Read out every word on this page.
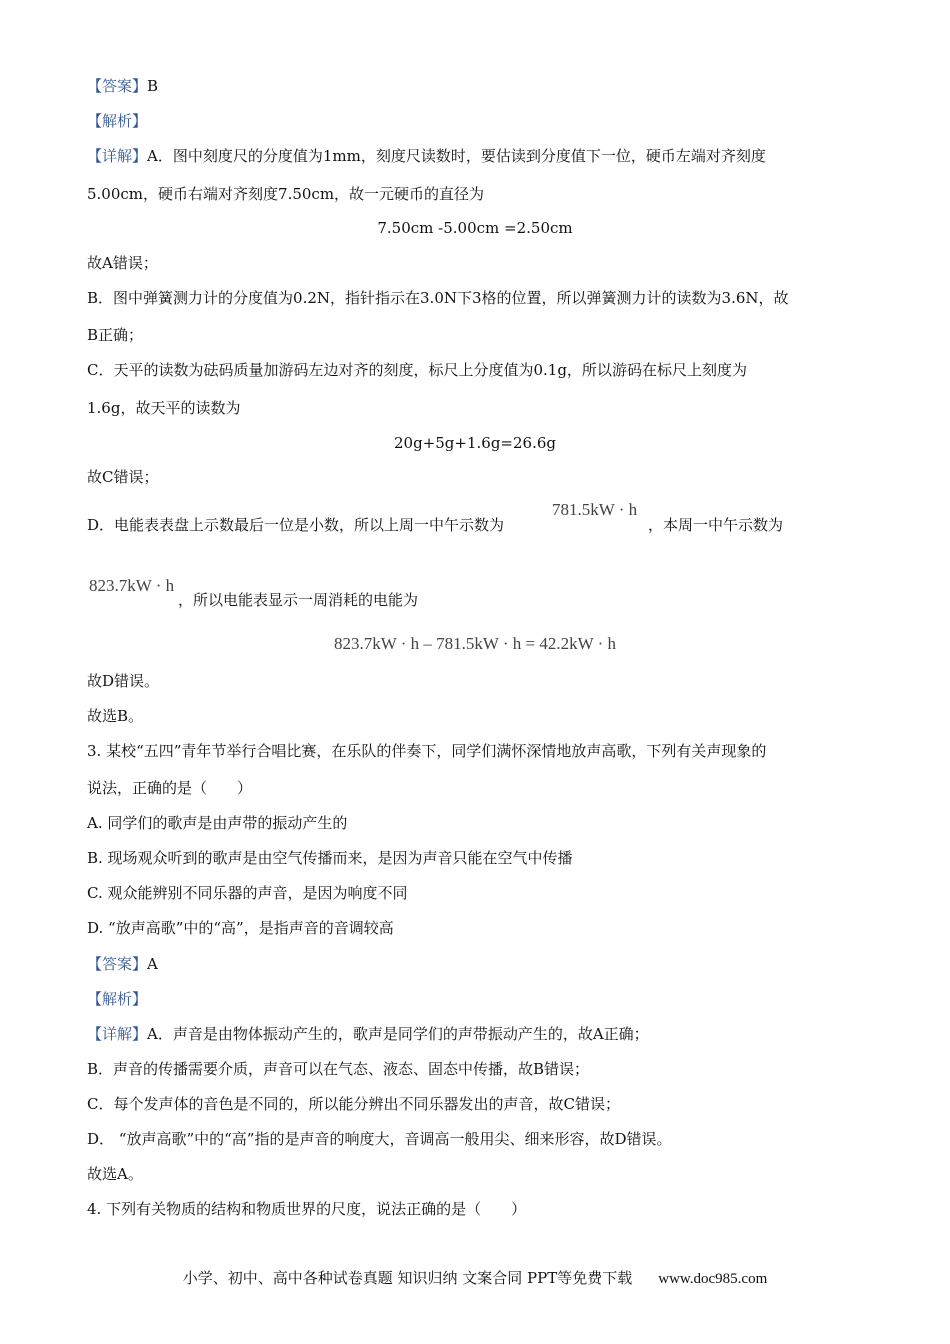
【答案】B
【解析】
【详解】A．图中刻度尺的分度值为1mm，刻度尺读数时，要估读到分度值下一位，硬币左端对齐刻度
5.00cm，硬币右端对齐刻度7.50cm，故一元硬币的直径为
7.50cm -5.00cm =2.50cm
故A错误；
B．图中弹簧测力计的分度值为0.2N，指针指示在3.0N下3格的位置，所以弹簧测力计的读数为3.6N，故
B正确；
C．天平的读数为砝码质量加游码左边对齐的刻度，标尺上分度值为0.1g，所以游码在标尺上刻度为
1.6g，故天平的读数为
20g+5g+1.6g=26.6g
故C错误；
D．电能表表盘上示数最后一位是小数，所以上周一中午示数为
781.5kW · h
，本周一中午示数为
823.7kW · h
，所以电能表显示一周消耗的电能为
823.7kW · h – 781.5kW · h = 42.2kW · h
故D错误。
故选B。
3. 某校“五四”青年节举行合唱比赛，在乐队的伴奏下，同学们满怀深情地放声高歌，下列有关声现象的
说法，正确的是（　　）
A. 同学们的歌声是由声带的振动产生的
B. 现场观众听到的歌声是由空气传播而来，是因为声音只能在空气中传播
C. 观众能辨别不同乐器的声音，是因为响度不同
D. “放声高歌”中的“高”，是指声音的音调较高
【答案】A
【解析】
【详解】A．声音是由物体振动产生的，歌声是同学们的声带振动产生的，故A正确；
B．声音的传播需要介质，声音可以在气态、液态、固态中传播，故B错误；
C．每个发声体的音色是不同的，所以能分辨出不同乐器发出的声音，故C错误；
D． “放声高歌”中的“高”指的是声音的响度大，音调高一般用尖、细来形容，故D错误。
故选A。
4. 下列有关物质的结构和物质世界的尺度，说法正确的是（　　）
小学、初中、高中各种试卷真题 知识归纳 文案合同 PPT等免费下载 www.doc985.com
